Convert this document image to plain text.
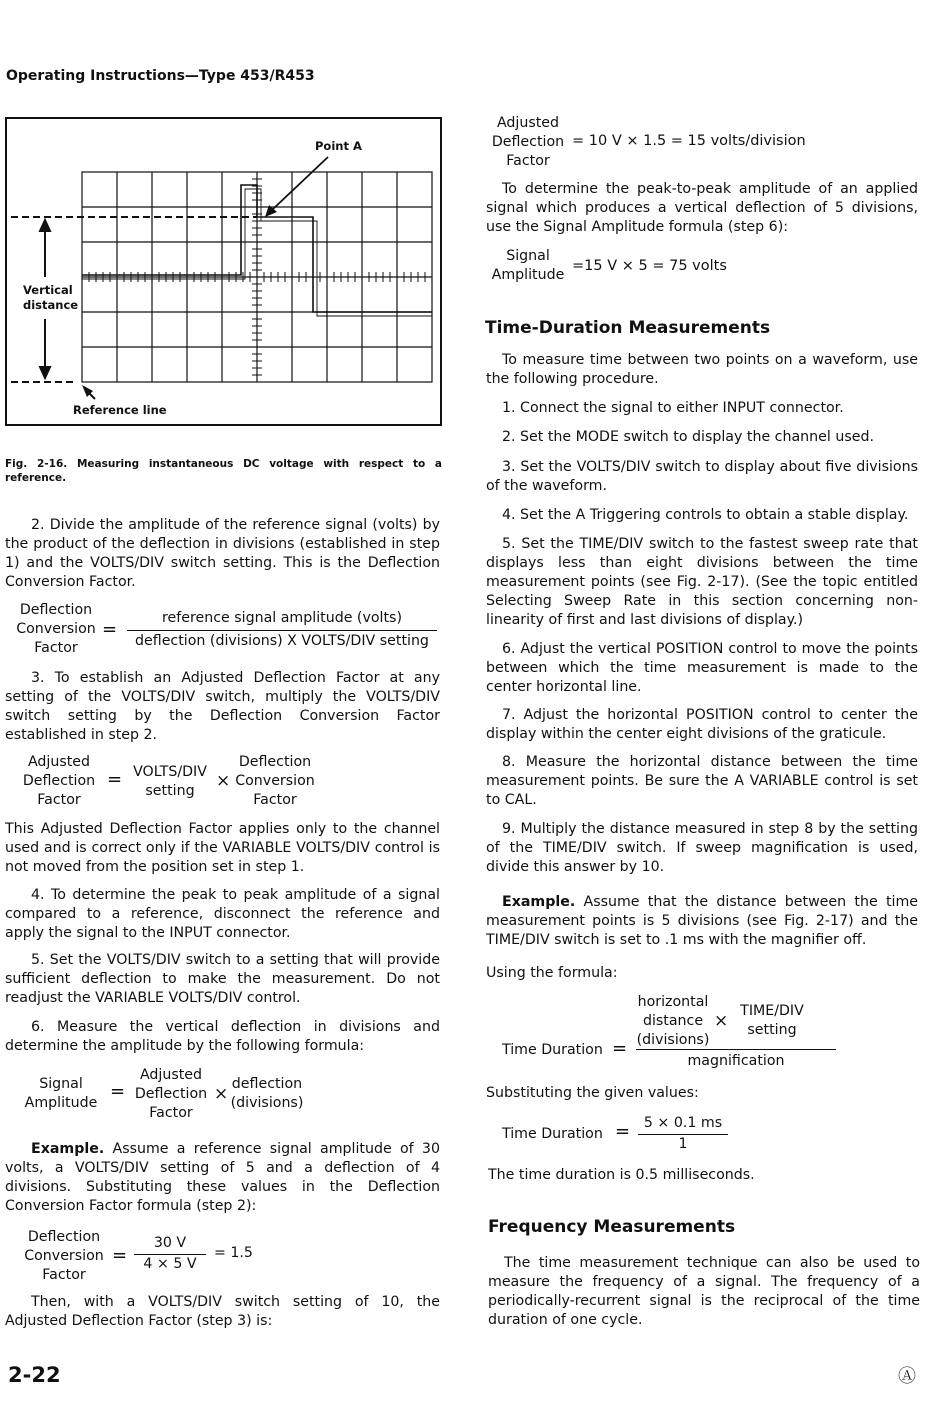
Operating Instructions—Type 453/R453
Point A
Vertical
distance
Reference line
Fig. 2-16. Measuring instantaneous DC voltage with respect to a reference.
2. Divide the amplitude of the reference signal (volts) by the product of the deflection in divisions (established in step 1) and the VOLTS/DIV switch setting. This is the Deflection Conversion Factor.
Deflection
Conversion
Factor
=
reference signal amplitude (volts)
deflection (divisions) X VOLTS/DIV setting
3. To establish an Adjusted Deflection Factor at any setting of the VOLTS/DIV switch, multiply the VOLTS/DIV switch setting by the Deflection Conversion Factor established in step 2.
Adjusted
Deflection
Factor
= VOLTS/DIV
setting	×
Deflection
Conversion
Factor
This Adjusted Deflection Factor applies only to the channel used and is correct only if the VARIABLE VOLTS/DIV control is not moved from the position set in step 1.
4. To determine the peak to peak amplitude of a signal compared to a reference, disconnect the reference and apply the signal to the INPUT connector.
5. Set the VOLTS/DIV switch to a setting that will provide sufficient deflection to make the measurement. Do not readjust the VARIABLE VOLTS/DIV control.
6. Measure the vertical deflection in divisions and determine the amplitude by the following formula:
Signal
Amplitude
=
Adjusted
Deflection
Factor
× deflection
(divisions)
Example. Assume a reference signal amplitude of 30 volts, a VOLTS/DIV setting of 5 and a deflection of 4 divisions. Substituting these values in the Deflection Conversion Factor formula (step 2):
Deflection
Conversion
Factor
=
30 V
4 × 5 V
= 1.5
Then, with a VOLTS/DIV switch setting of 10, the Adjusted Deflection Factor (step 3) is:
Adjusted
Deflection
Factor
= 10 V × 1.5 = 15 volts/division
To determine the peak-to-peak amplitude of an applied signal which produces a vertical deflection of 5 divisions, use the Signal Amplitude formula (step 6):
Signal
Amplitude
=15 V × 5 = 75 volts
Time-Duration Measurements
To measure time between two points on a waveform, use the following procedure.
1. Connect the signal to either INPUT connector.
2. Set the MODE switch to display the channel used.
3. Set the VOLTS/DIV switch to display about five divisions of the waveform.
4. Set the A Triggering controls to obtain a stable display.
5. Set the TIME/DIV switch to the fastest sweep rate that displays less than eight divisions between the time measurement points (see Fig. 2-17). (See the topic entitled Selecting Sweep Rate in this section concerning non-linearity of first and last divisions of display.)
6. Adjust the vertical POSITION control to move the points between which the time measurement is made to the center horizontal line.
7. Adjust the horizontal POSITION control to center the display within the center eight divisions of the graticule.
8. Measure the horizontal distance between the time measurement points. Be sure the A VARIABLE control is set to CAL.
9. Multiply the distance measured in step 8 by the setting of the TIME/DIV switch. If sweep magnification is used, divide this answer by 10.
Example. Assume that the distance between the time measurement points is 5 divisions (see Fig. 2-17) and the TIME/DIV switch is set to .1 ms with the magnifier off.
Using the formula:
Time Duration =
horizontal
distance
(divisions)
× TIME/DIV
setting
magnification
Substituting the given values:
Time Duration = 5 × 0.1 ms
1
The time duration is 0.5 milliseconds.
Frequency Measurements
The time measurement technique can also be used to measure the frequency of a signal. The frequency of a periodically-recurrent signal is the reciprocal of the time duration of one cycle.
2-22	Ⓐ
